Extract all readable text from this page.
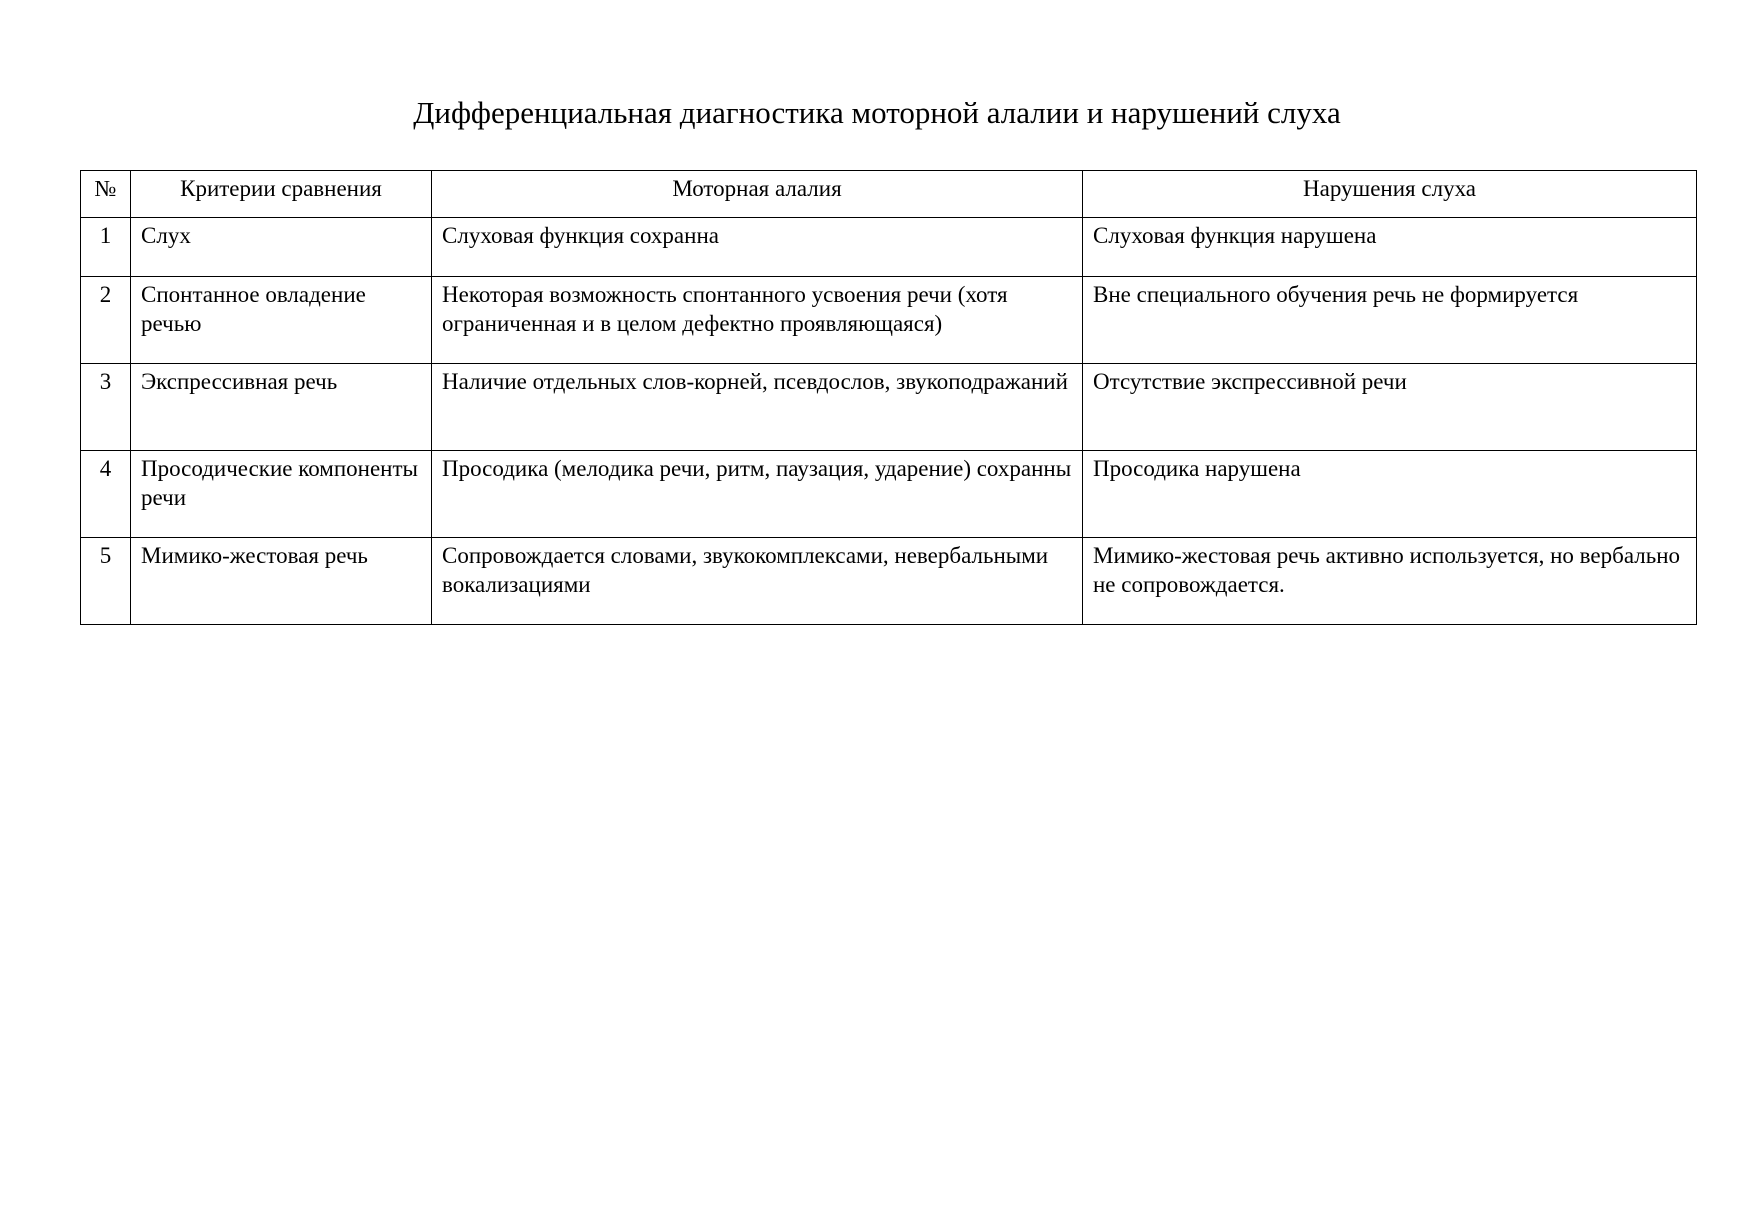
Дифференциальная диагностика моторной алалии и нарушений слуха
№	Критерии сравнения	Моторная алалия	Нарушения слуха
1	Слух	Слуховая функция сохранна	Слуховая функция нарушена
2	Спонтанное овладение речью	Некоторая возможность спонтанного усвоения речи (хотя ограниченная и в целом дефектно проявляющаяся)	Вне специального обучения речь не формируется
3	Экспрессивная речь	Наличие отдельных слов-корней, псевдослов, звукоподражаний	Отсутствие экспрессивной речи
4	Просодические компоненты речи	Просодика (мелодика речи, ритм, паузация, ударение) сохранны	Просодика нарушена
5	Мимико-жестовая речь	Сопровождается словами, звукокомплексами, невербальными вокализациями	Мимико-жестовая речь активно используется, но вербально не сопровождается.
